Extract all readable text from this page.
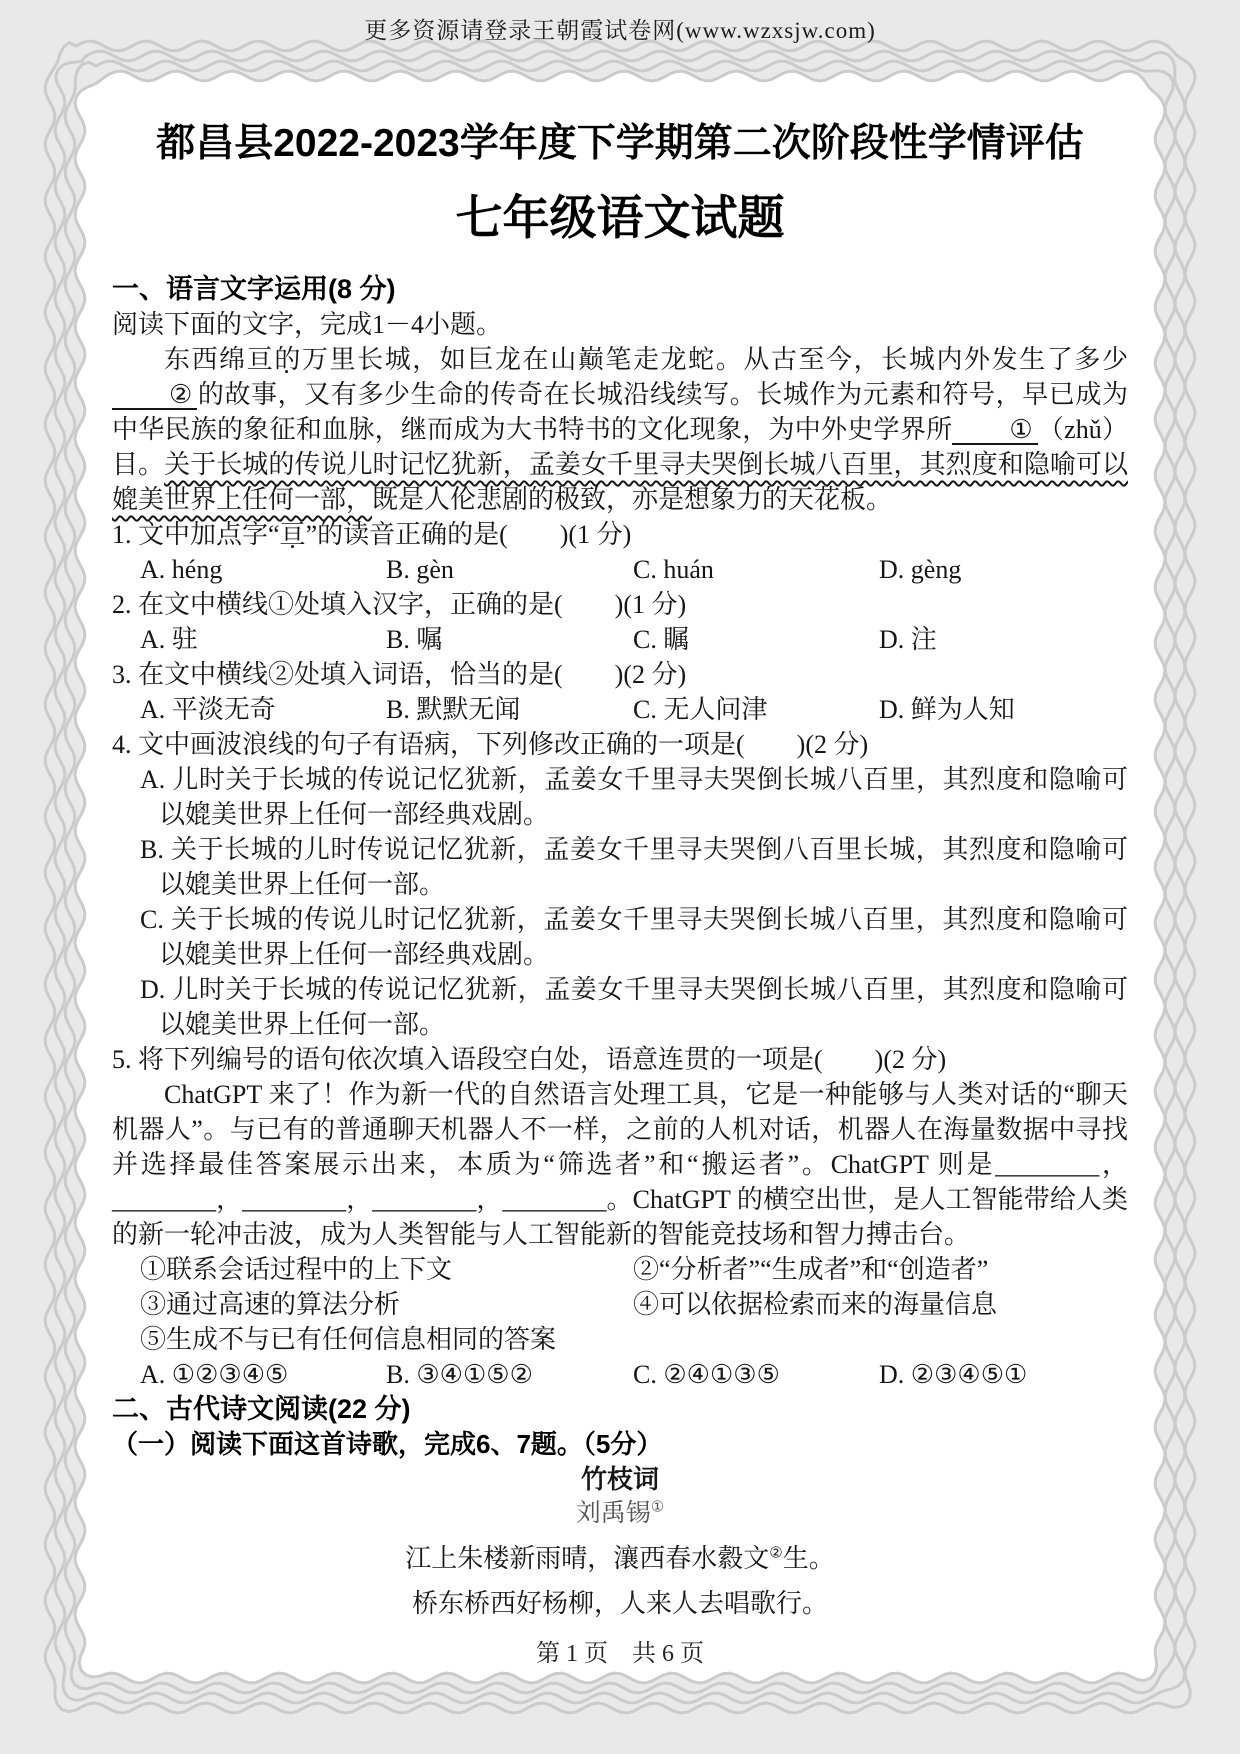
更多资源请登录王朝霞试卷网(www.wzxsjw.com)
都昌县2022-2023学年度下学期第二次阶段性学情评估
七年级语文试题
一、语言文字运用(8 分)
阅读下面的文字，完成1－4小题。

东西绵亘的万里长城，如巨龙在山巅笔走龙蛇。从古至今，长城内外发生了多少② 的故事，又有多少生命的传奇在长城沿线续写。长城作为元素和符号，早已成为中华民族的象征和血脉，继而成为大书特书的文化现象，为中外史学界所 ① （zhǔ）目。关于长城的传说儿时记忆犹新，孟姜女千里寻夫哭倒长城八百里，其烈度和隐喻可以媲美世界上任何一部，既是人伦悲剧的极致，亦是想象力的天花板。

1. 文中加点字“亘”的读音正确的是(　　)(1 分)
A. héng	B. gèn	C. huán	D. gèng
2. 在文中横线①处填入汉字，正确的是(　　)(1 分)
A. 驻	B. 嘱	C. 瞩	D. 注
3. 在文中横线②处填入词语，恰当的是(　　)(2 分)
A. 平淡无奇	B. 默默无闻	C. 无人问津	D. 鲜为人知
4. 文中画波浪线的句子有语病，下列修改正确的一项是(　　)(2 分)

A. 儿时关于长城的传说记忆犹新，孟姜女千里寻夫哭倒长城八百里，其烈度和隐喻可以媲美世界上任何一部经典戏剧。

B. 关于长城的儿时传说记忆犹新，孟姜女千里寻夫哭倒八百里长城，其烈度和隐喻可以媲美世界上任何一部。

C. 关于长城的传说儿时记忆犹新，孟姜女千里寻夫哭倒长城八百里，其烈度和隐喻可以媲美世界上任何一部经典戏剧。

D. 儿时关于长城的传说记忆犹新，孟姜女千里寻夫哭倒长城八百里，其烈度和隐喻可以媲美世界上任何一部。

5. 将下列编号的语句依次填入语段空白处，语意连贯的一项是(　　)(2 分)

ChatGPT 来了！作为新一代的自然语言处理工具，它是一种能够与人类对话的“聊天机器人”。与已有的普通聊天机器人不一样，之前的人机对话，机器人在海量数据中寻找并选择最佳答案展示出来，本质为“筛选者”和“搬运者”。ChatGPT 则是________，________，________，________，________。ChatGPT 的横空出世，是人工智能带给人类的新一轮冲击波，成为人类智能与人工智能新的智能竞技场和智力搏击台。

①联系会话过程中的上下文	②“分析者”“生成者”和“创造者”
③通过高速的算法分析	④可以依据检索而来的海量信息
⑤生成不与已有任何信息相同的答案
A. ①②③④⑤	B. ③④①⑤②	C. ②④①③⑤	D. ②③④⑤①
二、古代诗文阅读(22 分)
（一）阅读下面这首诗歌，完成6、7题。（5分）

竹枝词

刘禹锡①

江上朱楼新雨晴，瀼西春水縠文②生。

桥东桥西好杨柳，人来人去唱歌行。

第 1 页　共 6 页
